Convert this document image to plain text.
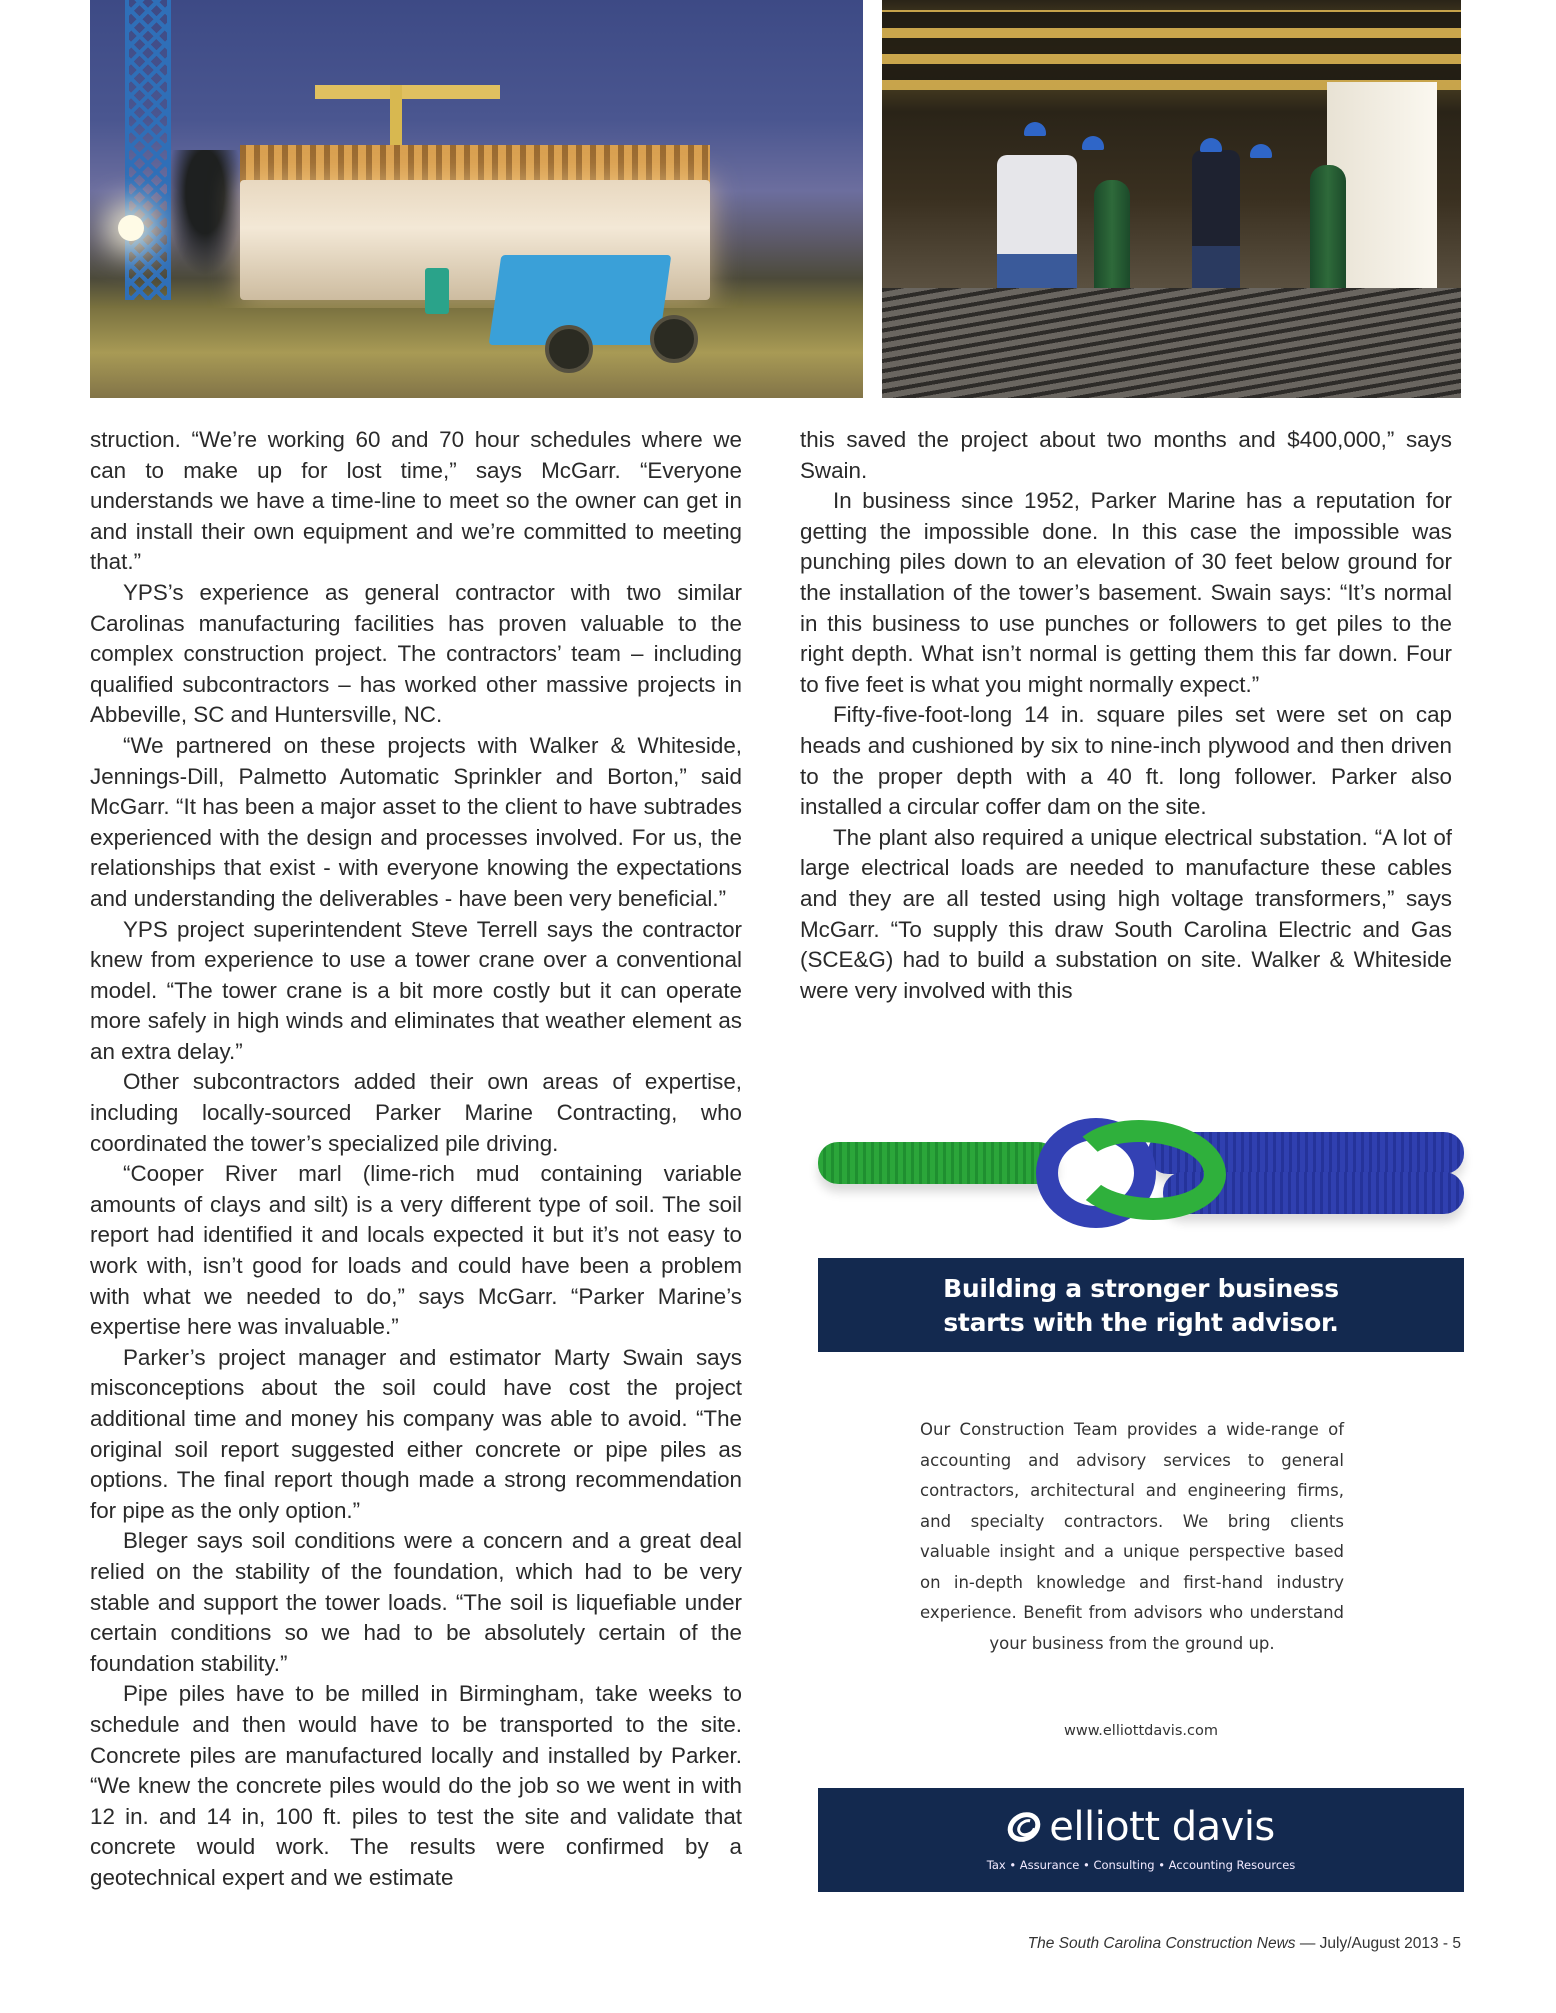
struction. “We’re working 60 and 70 hour schedules where we can to make up for lost time,” says McGarr. “Everyone understands we have a time-line to meet so the owner can get in and install their own equipment and we’re committed to meeting that.”

YPS’s experience as general contractor with two similar Carolinas manufacturing facilities has proven valuable to the complex construction project. The contractors’ team – including qualified subcontractors – has worked other massive projects in Abbeville, SC and Huntersville, NC.

“We partnered on these projects with Walker & Whiteside, Jennings-Dill, Palmetto Automatic Sprinkler and Borton,” said McGarr. “It has been a major asset to the client to have subtrades experienced with the design and processes involved. For us, the relationships that exist - with everyone knowing the expectations and understanding the deliverables - have been very beneficial.”

YPS project superintendent Steve Terrell says the contractor knew from experience to use a tower crane over a conventional model. “The tower crane is a bit more costly but it can operate more safely in high winds and eliminates that weather element as an extra delay.”

Other subcontractors added their own areas of expertise, including locally-sourced Parker Marine Contracting, who coordinated the tower’s specialized pile driving.

“Cooper River marl (lime-rich mud containing variable amounts of clays and silt) is a very different type of soil. The soil report had identified it and locals expected it but it’s not easy to work with, isn’t good for loads and could have been a problem with what we needed to do,” says McGarr. “Parker Marine’s expertise here was invaluable.”

Parker’s project manager and estimator Marty Swain says misconceptions about the soil could have cost the project additional time and money his company was able to avoid. “The original soil report suggested either concrete or pipe piles as options. The final report though made a strong recommendation for pipe as the only option.”

Bleger says soil conditions were a concern and a great deal relied on the stability of the foundation, which had to be very stable and support the tower loads. “The soil is liquefiable under certain conditions so we had to be absolutely certain of the foundation stability.”

Pipe piles have to be milled in Birmingham, take weeks to schedule and then would have to be transported to the site. Concrete piles are manufactured locally and installed by Parker. “We knew the concrete piles would do the job so we went in with 12 in. and 14 in, 100 ft. piles to test the site and validate that concrete would work. The results were confirmed by a geotechnical expert and we estimate

this saved the project about two months and $400,000,” says Swain.

In business since 1952, Parker Marine has a reputation for getting the impossible done. In this case the impossible was punching piles down to an elevation of 30 feet below ground for the installation of the tower’s basement. Swain says: “It’s normal in this business to use punches or followers to get piles to the right depth. What isn’t normal is getting them this far down. Four to five feet is what you might normally expect.”

Fifty-five-foot-long 14 in. square piles set were set on cap heads and cushioned by six to nine-inch plywood and then driven to the proper depth with a 40 ft. long follower. Parker also installed a circular coffer dam on the site.

The plant also required a unique electrical substation. “A lot of large electrical loads are needed to manufacture these cables and they are all tested using high voltage transformers,” says McGarr. “To supply this draw South Carolina Electric and Gas (SCE&G) had to build a substation on site. Walker & Whiteside were very involved with this

Building a stronger business
starts with the right advisor.
Our Construction Team provides a wide-range of accounting and advisory services to general contractors, architectural and engineering firms, and specialty contractors. We bring clients valuable insight and a unique perspective based on in-depth knowledge and first-hand industry experience. Benefit from advisors who understand your business from the ground up.
www.elliottdavis.com
elliott davis
Tax • Assurance • Consulting • Accounting Resources
The South Carolina Construction News — July/August 2013 - 5
